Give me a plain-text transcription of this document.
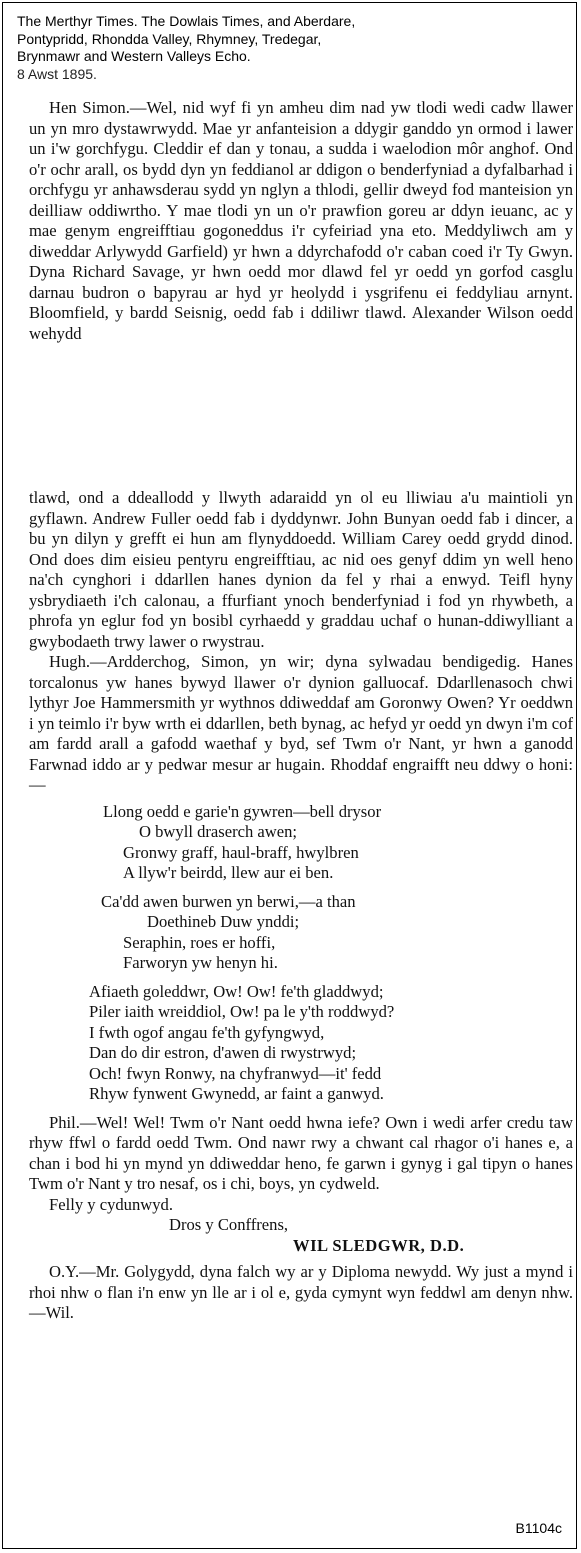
The Merthyr Times. The Dowlais Times, and Aberdare,
Pontypridd, Rhondda Valley, Rhymney, Tredegar,
Brynmawr and Western Valleys Echo.
8 Awst 1895.

Hen Simon.—Wel, nid wyf fi yn amheu dim nad yw tlodi wedi cadw llawer un yn mro dystawrwydd. Mae yr anfanteision a ddygir ganddo yn ormod i lawer un i'w gorchfygu. Cleddir ef dan y tonau, a sudda i waelodion môr anghof. Ond o'r ochr arall, os bydd dyn yn feddianol ar ddigon o benderfyniad a dyfalbarhad i orchfygu yr anhawsderau sydd yn nglyn a thlodi, gellir dweyd fod manteision yn deilliaw oddiwrtho. Y mae tlodi yn un o'r prawfion goreu ar ddyn ieuanc, ac y mae genym engreifftiau gogoneddus i'r cyfeiriad yna eto. Meddyliwch am y diweddar Arlywydd Garfield) yr hwn a ddyrchafodd o'r caban coed i'r Ty Gwyn. Dyna Richard Savage, yr hwn oedd mor dlawd fel yr oedd yn gorfod casglu darnau budron o bapyrau ar hyd yr heolydd i ysgrifenu ei feddyliau arnynt. Bloomfield, y bardd Seisnig, oedd fab i ddiliwr tlawd. Alexander Wilson oedd wehydd

tlawd, ond a ddeallodd y llwyth adaraidd yn ol eu lliwiau a'u maintioli yn gyflawn. Andrew Fuller oedd fab i dyddynwr. John Bunyan oedd fab i dincer, a bu yn dilyn y grefft ei hun am flynyddoedd. William Carey oedd grydd dinod. Ond does dim eisieu pentyru engreifftiau, ac nid oes genyf ddim yn well heno na'ch cynghori i ddarllen hanes dynion da fel y rhai a enwyd. Teifl hyny ysbrydiaeth i'ch calonau, a ffurfiant ynoch benderfyniad i fod yn rhywbeth, a phrofa yn eglur fod yn bosibl cyrhaedd y graddau uchaf o hunan-ddiwylliant a gwybodaeth trwy lawer o rwystrau.

Hugh.—Ardderchog, Simon, yn wir; dyna sylwadau bendigedig. Hanes torcalonus yw hanes bywyd llawer o'r dynion galluocaf. Ddarllenasoch chwi lythyr Joe Hammersmith yr wythnos ddiweddaf am Goronwy Owen? Yr oeddwn i yn teimlo i'r byw wrth ei ddarllen, beth bynag, ac hefyd yr oedd yn dwyn i'm cof am fardd arall a gafodd waethaf y byd, sef Twm o'r Nant, yr hwn a ganodd Farwnad iddo ar y pedwar mesur ar hugain. Rhoddaf engraifft neu ddwy o honi:—

Llong oedd e garie'n gywren—bell drysor
O bwyll draserch awen;
Gronwy graff, haul-braff, hwylbren
A llyw'r beirdd, llew aur ei ben.
Ca'dd awen burwen yn berwi,—a than
Doethineb Duw ynddi;
Seraphin, roes er hoffi,
Farworyn yw henyn hi.
Afiaeth goleddwr, Ow! Ow! fe'th gladdwyd;
Piler iaith wreiddiol, Ow! pa le y'th roddwyd?
I fwth ogof angau fe'th gyfyngwyd,
Dan do dir estron, d'awen di rwystrwyd;
Och! fwyn Ronwy, na chyfranwyd—it' fedd
Rhyw fynwent Gwynedd, ar faint a ganwyd.

Phil.—Wel! Wel! Twm o'r Nant oedd hwna iefe? Own i wedi arfer credu taw rhyw ffwl o fardd oedd Twm. Ond nawr rwy a chwant cal rhagor o'i hanes e, a chan i bod hi yn mynd yn ddiweddar heno, fe garwn i gynyg i gal tipyn o hanes Twm o'r Nant y tro nesaf, os i chi, boys, yn cydweld.

Felly y cydunwyd.

Dros y Conffrens,

WIL SLEDGWR, D.D.

O.Y.—Mr. Golygydd, dyna falch wy ar y Diploma newydd. Wy just a mynd i rhoi nhw o flan i'n enw yn lle ar i ol e, gyda cymynt wyn feddwl am denyn nhw.—Wil.

B1104c
